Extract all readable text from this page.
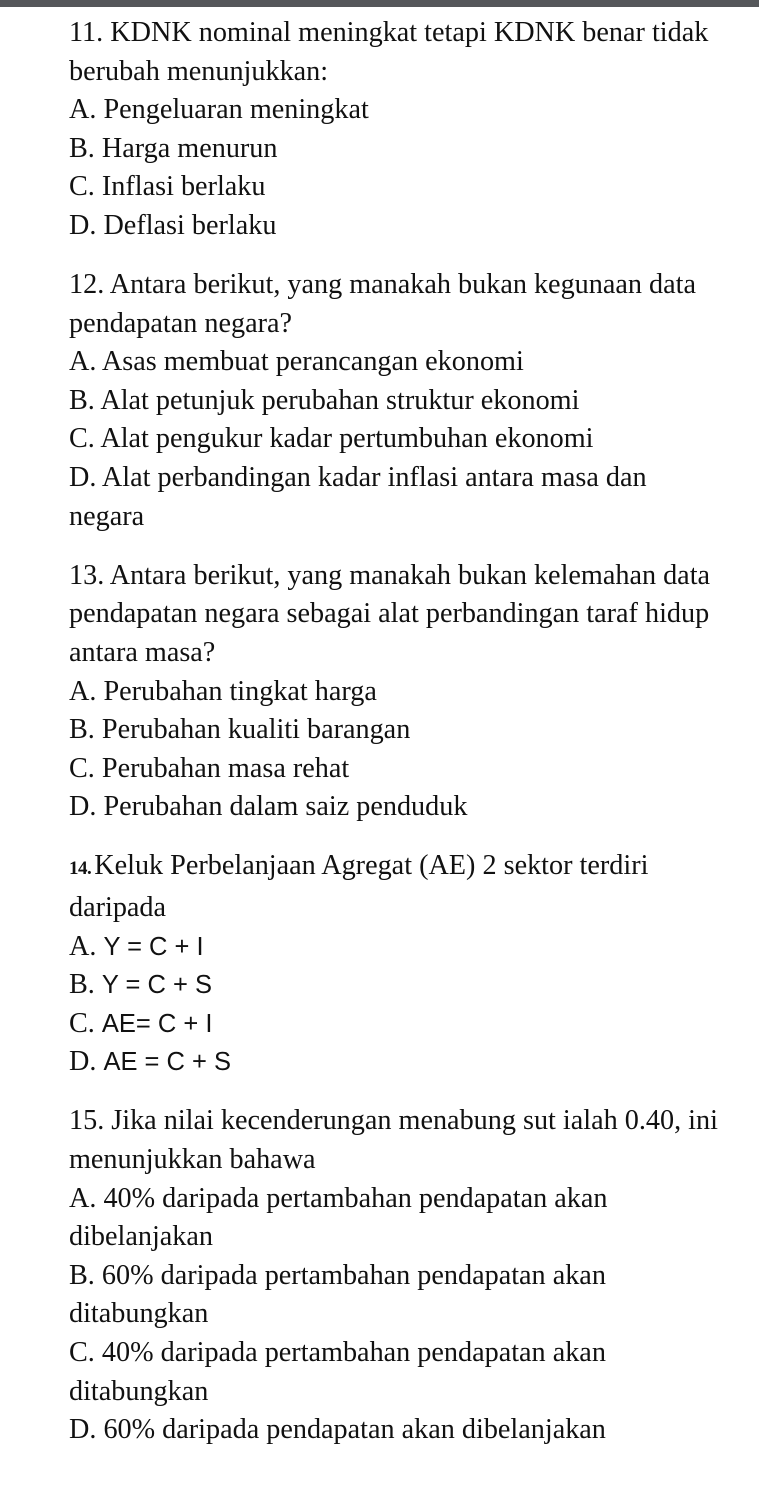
11. KDNK nominal meningkat tetapi KDNK benar tidak berubah menunjukkan:

A. Pengeluaran meningkat
B. Harga menurun
C. Inflasi berlaku
D. Deflasi berlaku

12. Antara berikut, yang manakah bukan kegunaan data pendapatan negara?

A. Asas membuat perancangan ekonomi
B. Alat petunjuk perubahan struktur ekonomi
C. Alat pengukur kadar pertumbuhan ekonomi
D. Alat perbandingan kadar inflasi antara masa dan negara

13. Antara berikut, yang manakah bukan kelemahan data pendapatan negara sebagai alat perbandingan taraf hidup antara masa?

A. Perubahan tingkat harga
B. Perubahan kualiti barangan
C. Perubahan masa rehat
D. Perubahan dalam saiz penduduk

14. Keluk Perbelanjaan Agregat (AE) 2 sektor terdiri daripada

A. Y = C + I
B. Y = C + S
C. AE= C + I
D. AE = C + S

15. Jika nilai kecenderungan menabung sut ialah 0.40, ini menunjukkan bahawa

A. 40% daripada pertambahan pendapatan akan dibelanjakan
B. 60% daripada pertambahan pendapatan akan ditabungkan
C. 40% daripada pertambahan pendapatan akan ditabungkan
D. 60% daripada pendapatan akan dibelanjakan
